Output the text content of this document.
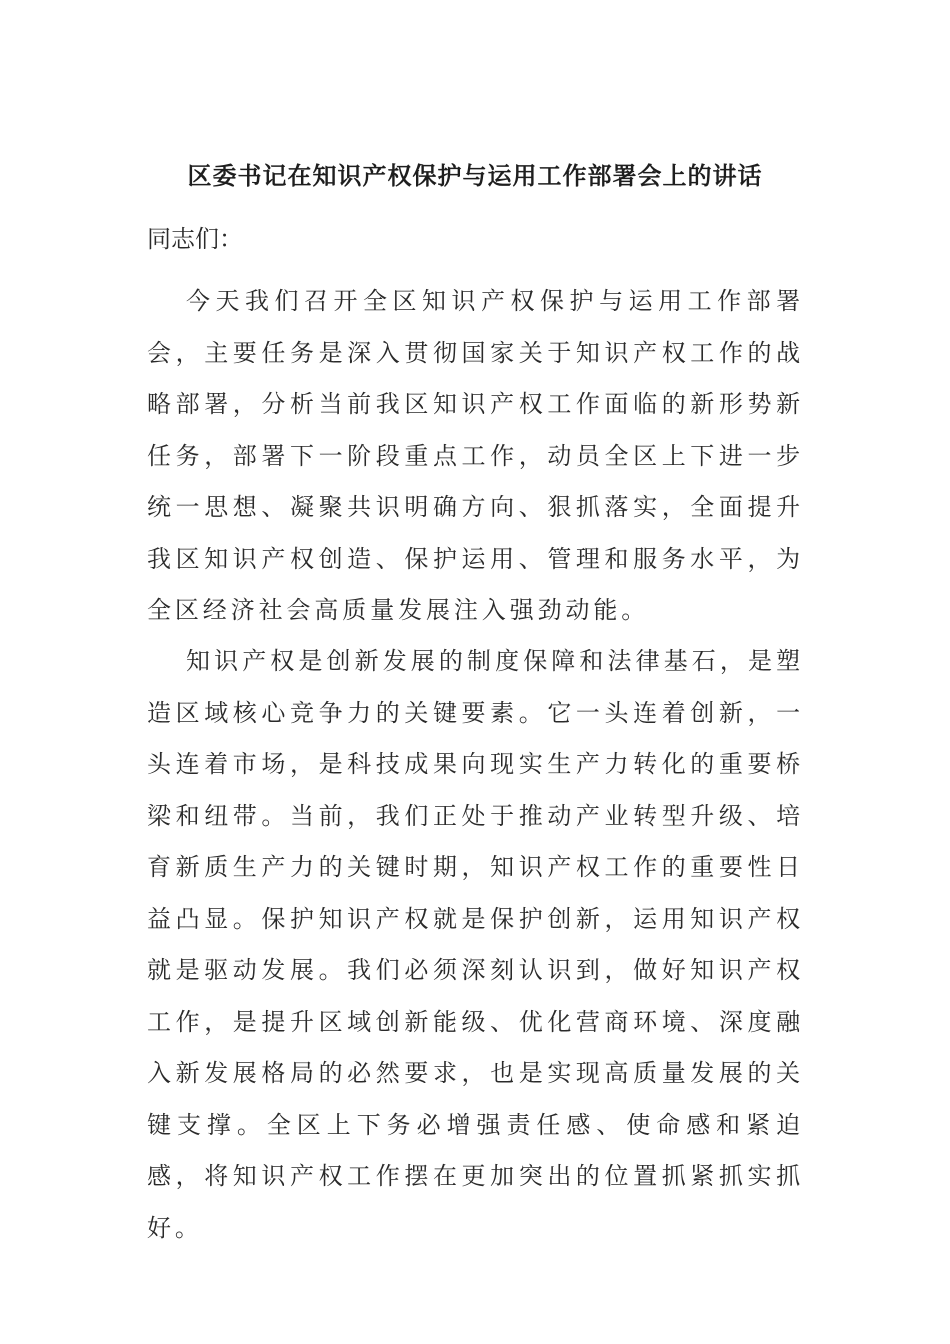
区委书记在知识产权保护与运用工作部署会上的讲话

同志们：

今天我们召开全区知识产权保护与运用工作部署会，主要任务是深入贯彻国家关于知识产权工作的战略部署，分析当前我区知识产权工作面临的新形势新任务，部署下一阶段重点工作，动员全区上下进一步统一思想、凝聚共识明确方向、狠抓落实，全面提升我区知识产权创造、保护运用、管理和服务水平，为全区经济社会高质量发展注入强劲动能。

知识产权是创新发展的制度保障和法律基石，是塑造区域核心竞争力的关键要素。它一头连着创新，一头连着市场，是科技成果向现实生产力转化的重要桥梁和纽带。当前，我们正处于推动产业转型升级、培育新质生产力的关键时期，知识产权工作的重要性日益凸显。保护知识产权就是保护创新，运用知识产权就是驱动发展。我们必须深刻认识到，做好知识产权工作，是提升区域创新能级、优化营商环境、深度融入新发展格局的必然要求，也是实现高质量发展的关键支撑。全区上下务必增强责任感、使命感和紧迫感，将知识产权工作摆在更加突出的位置抓紧抓实抓好。
